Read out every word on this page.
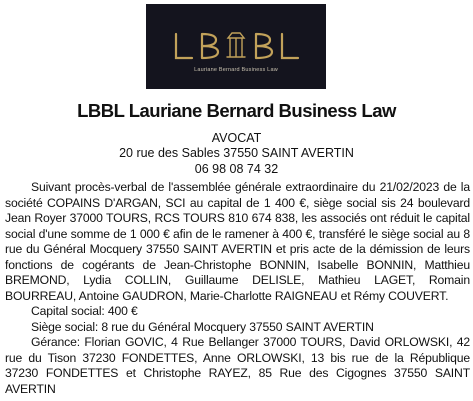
Lauriane Bernard Business Law
LBBL Lauriane Bernard Business Law
AVOCAT
20 rue des Sables 37550 SAINT AVERTIN
06 98 08 74 32

Suivant procès-verbal de l'assemblée générale extraordinaire du 21/02/2023 de la société COPAINS D'ARGAN, SCI au capital de 1 400 €, siège social sis 24 boulevard Jean Royer 37000 TOURS, RCS TOURS 810 674 838, les associés ont réduit le capital social d'une somme de 1 000 € afin de le ramener à 400 €, transféré le siège social au 8 rue du Général Mocquery 37550 SAINT AVERTIN et pris acte de la démission de leurs fonctions de cogérants de Jean-Christophe BONNIN, Isabelle BONNIN, Matthieu BREMOND, Lydia COLLIN, Guillaume DELISLE, Mathieu LAGET, Romain BOURREAU, Antoine GAUDRON, Marie-Charlotte RAIGNEAU et Rémy COUVERT.

Capital social: 400 €

Siège social: 8 rue du Général Mocquery 37550 SAINT AVERTIN

Gérance: Florian GOVIC, 4 Rue Bellanger 37000 TOURS, David ORLOWSKI, 42 rue du Tison 37230 FONDETTES, Anne ORLOWSKI, 13 bis rue de la République 37230 FONDETTES et Christophe RAYEZ, 85 Rue des Cigognes 37550 SAINT AVERTIN
